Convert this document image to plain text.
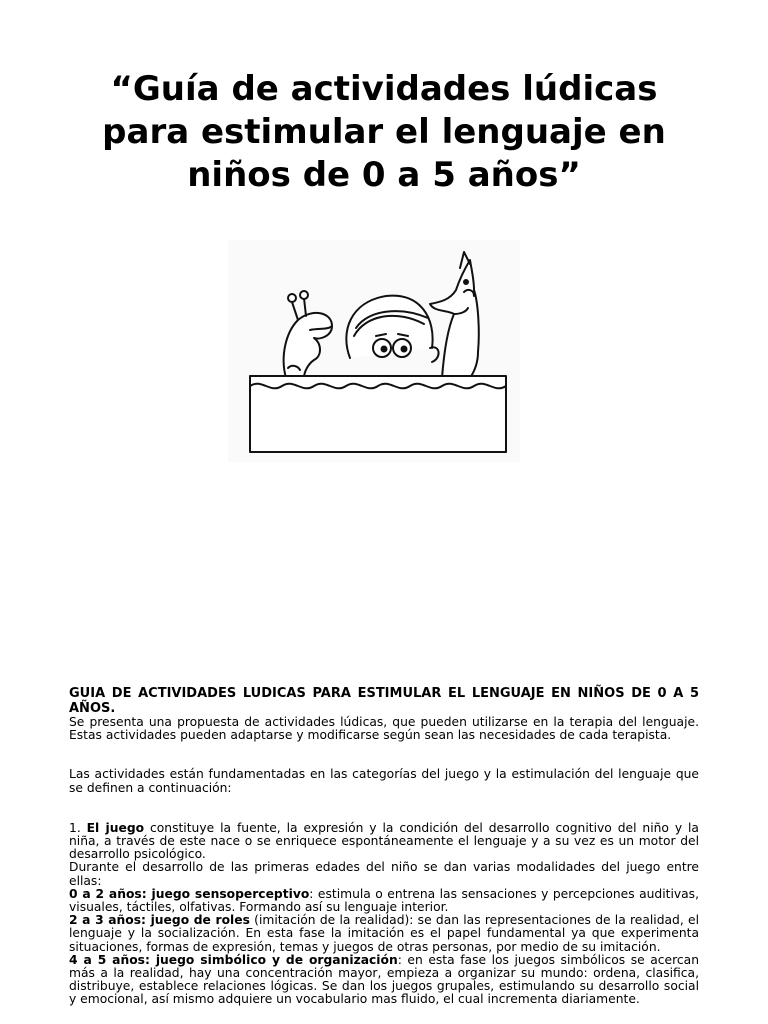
“Guía de actividades lúdicas
para estimular el lenguaje en
niños de 0 a 5 años”

GUIA DE ACTIVIDADES LUDICAS PARA ESTIMULAR EL LENGUAJE EN NIÑOS DE 0 A 5 AÑOS.

Se presenta una propuesta de actividades lúdicas, que pueden utilizarse en la terapia del lenguaje. Estas actividades pueden adaptarse y modificarse según sean las necesidades de cada terapista.

Las actividades están fundamentadas en las categorías del juego y la estimulación del lenguaje que se definen a continuación:

1. El juego constituye la fuente, la expresión y la condición del desarrollo cognitivo del niño y la niña, a través de este nace o se enriquece espontáneamente el lenguaje y a su vez es un motor del desarrollo psicológico.

Durante el desarrollo de las primeras edades del niño se dan varias modalidades del juego entre ellas:

0 a 2 años: juego sensoperceptivo: estimula o entrena las sensaciones y percepciones auditivas, visuales, táctiles, olfativas. Formando así su lenguaje interior.

2 a 3 años: juego de roles (imitación de la realidad): se dan las representaciones de la realidad, el lenguaje y la socialización. En esta fase la imitación es el papel fundamental ya que experimenta situaciones, formas de expresión, temas y juegos de otras personas, por medio de su imitación.

4 a 5 años: juego simbólico y de organización: en esta fase los juegos simbólicos se acercan más a la realidad, hay una concentración mayor, empieza a organizar su mundo: ordena, clasifica, distribuye, establece relaciones lógicas. Se dan los juegos grupales, estimulando su desarrollo social y emocional, así mismo adquiere un vocabulario mas fluido, el cual incrementa diariamente.
